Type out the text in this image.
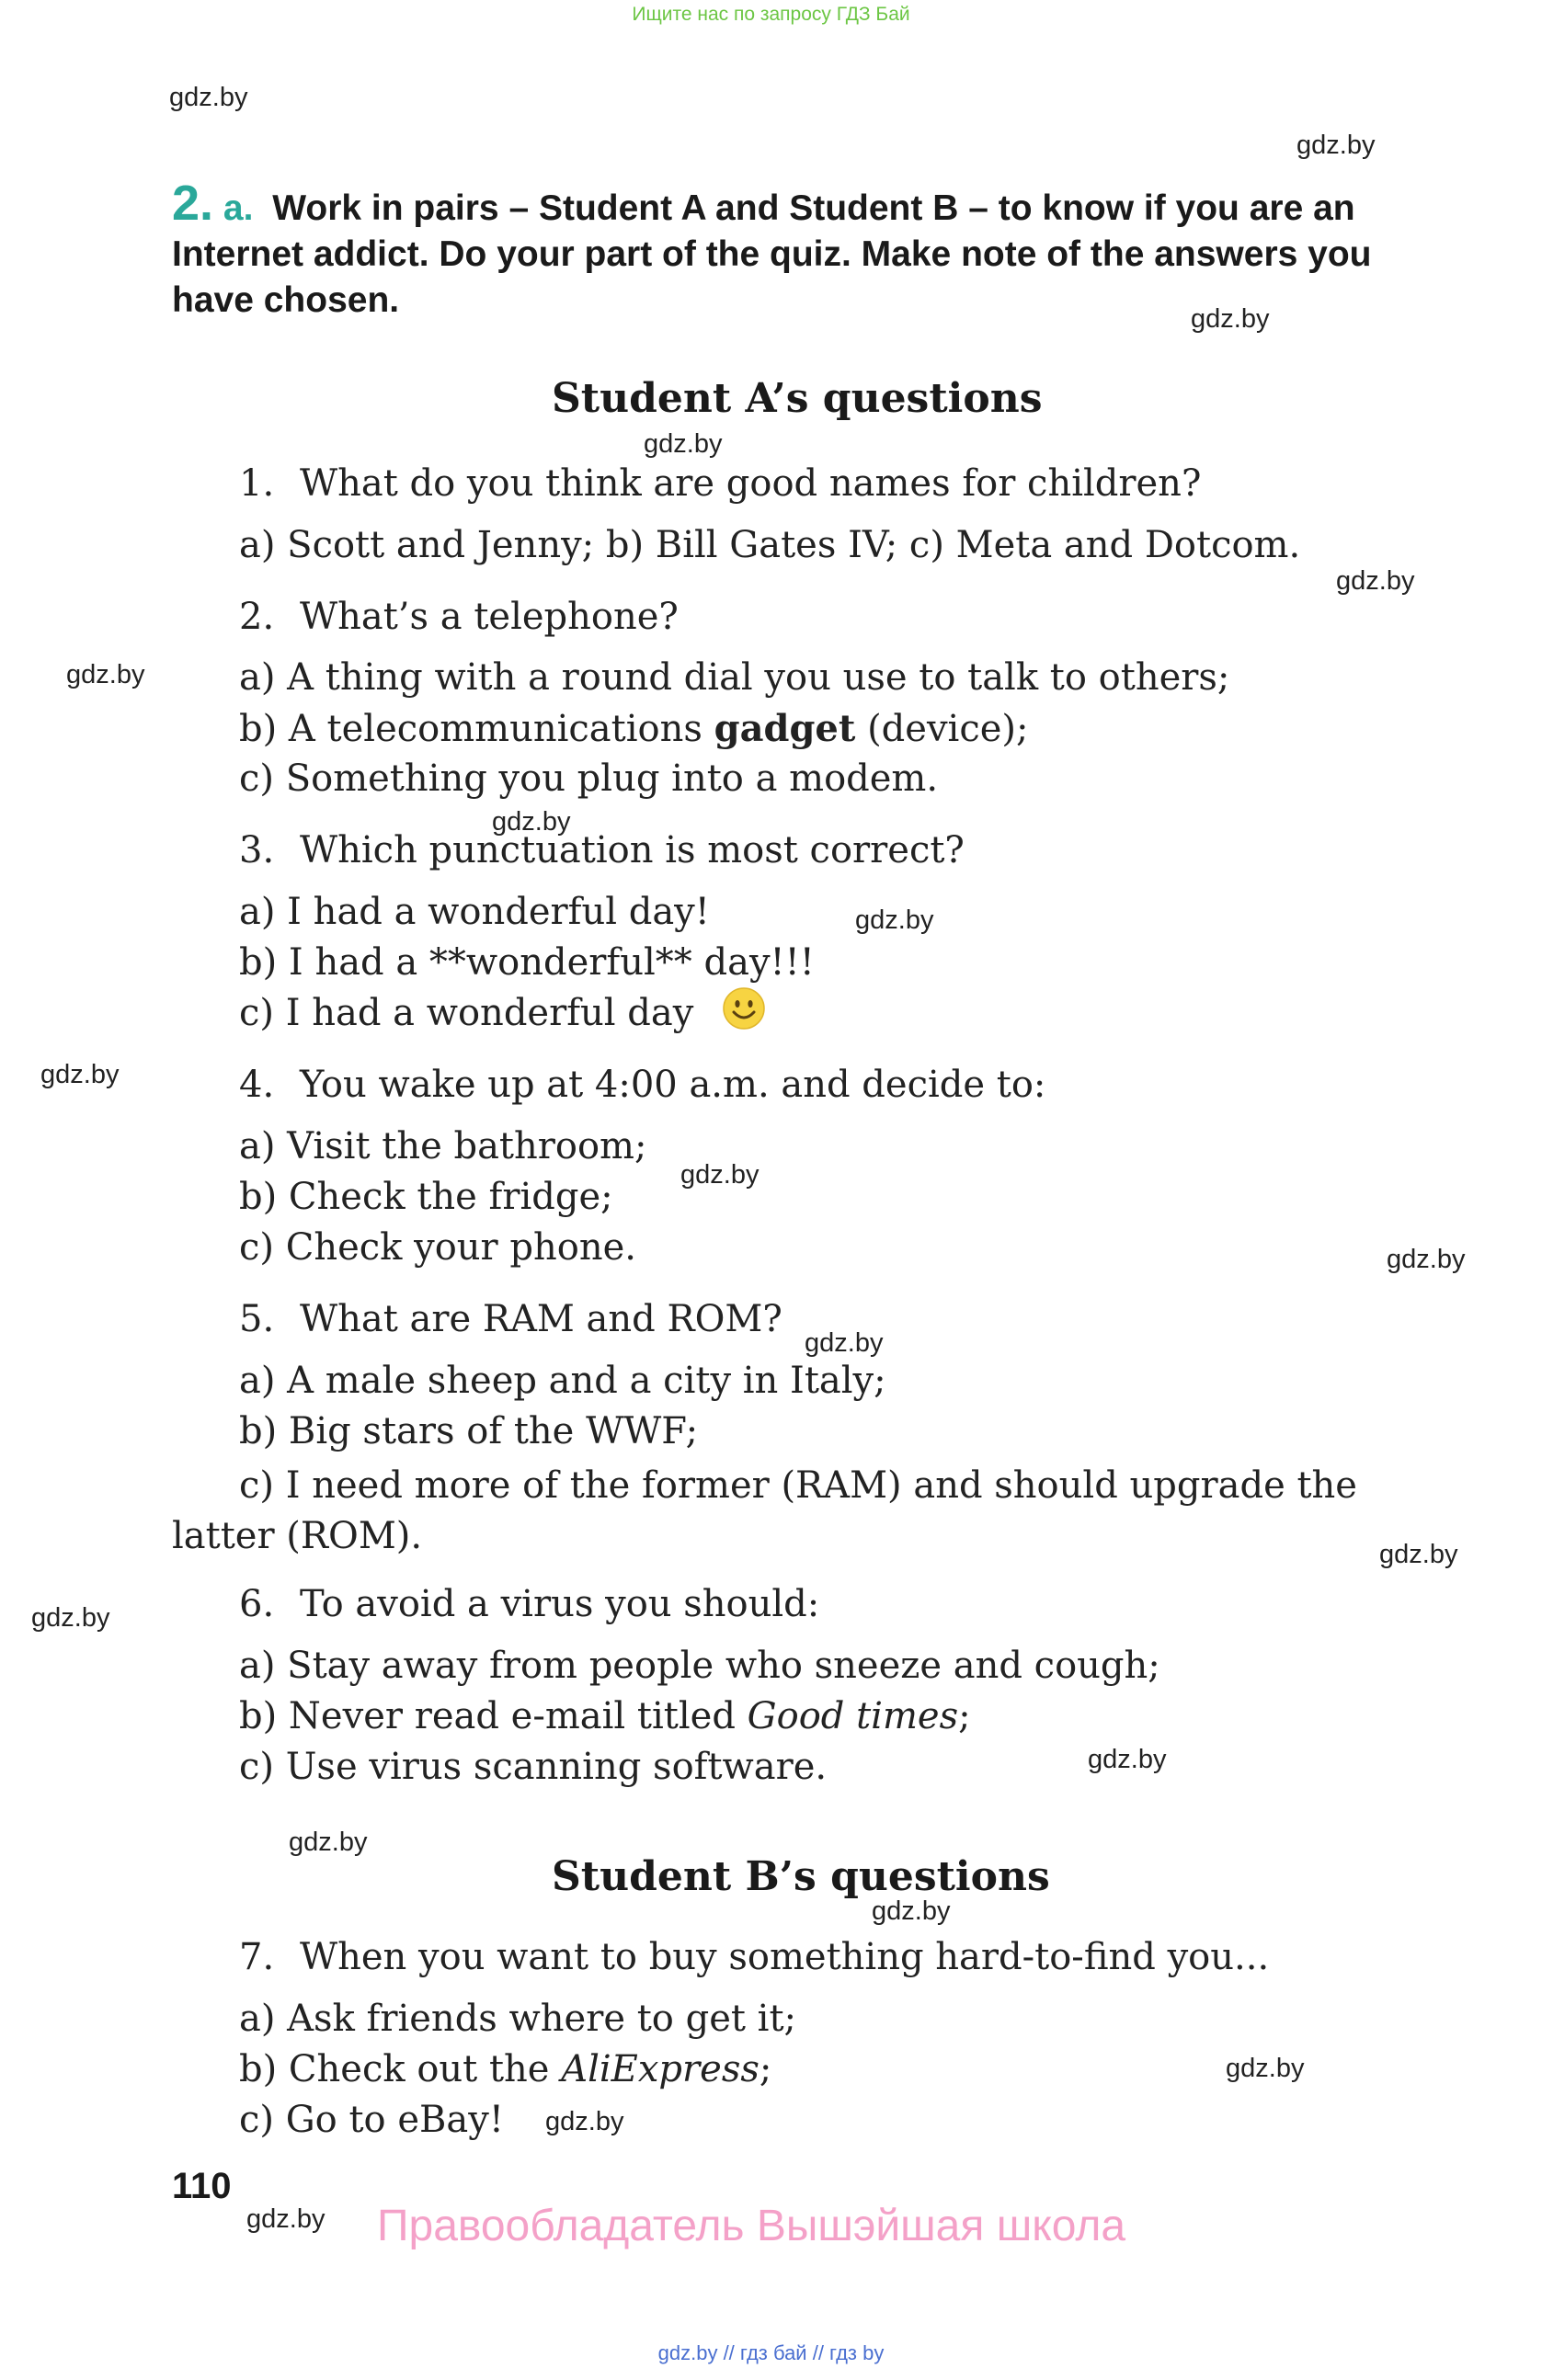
Ищите нас по запросу ГДЗ Бай
gdz.by
gdz.by
gdz.by
gdz.by
gdz.by
gdz.by
gdz.by
gdz.by
gdz.by
gdz.by
gdz.by
gdz.by
gdz.by
gdz.by
gdz.by
gdz.by
gdz.by
gdz.by
gdz.by
gdz.by
2. a. Work in pairs – Student A and Student B – to know if you are an Internet addict. Do your part of the quiz. Make note of the answers you have chosen.
Student A’s questions
1. What do you think are good names for children?
a) Scott and Jenny; b) Bill Gates IV; c) Meta and Dotcom.
2. What’s a telephone?
a) A thing with a round dial you use to talk to others;
b) A telecommunications gadget (device);
c) Something you plug into a modem.
3. Which punctuation is most correct?
a) I had a wonderful day!
b) I had a **wonderful** day!!!
c) I had a wonderful day
4. You wake up at 4:00 a.m. and decide to:
a) Visit the bathroom;
b) Check the fridge;
c) Check your phone.
5. What are RAM and ROM?
a) A male sheep and a city in Italy;
b) Big stars of the WWF;
c) I need more of the former (RAM) and should upgrade the latter (ROM).
6. To avoid a virus you should:
a) Stay away from people who sneeze and cough;
b) Never read e-mail titled Good times;
c) Use virus scanning software.
Student B’s questions
7. When you want to buy something hard-to-find you...
a) Ask friends where to get it;
b) Check out the AliExpress;
c) Go to eBay!
110
Правообладатель Вышэйшая школа
gdz.by // гдз бай // гдз by
